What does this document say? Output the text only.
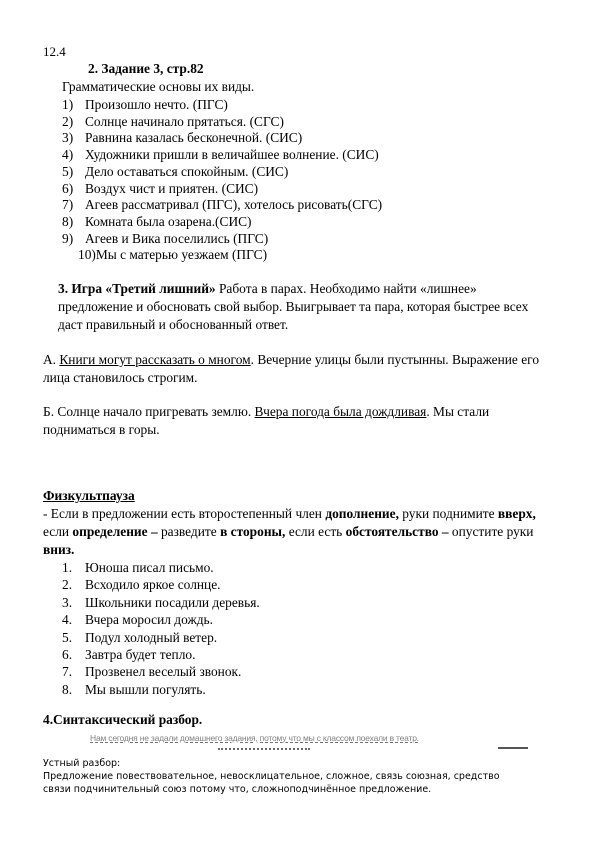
12.4
2. Задание 3, стр.82
Грамматические основы их виды.
1) Произошло нечто. (ПГС)
2) Солнце начинало прятаться. (СГС)
3) Равнина казалась бесконечной. (СИС)
4) Художники пришли в величайшее волнение. (СИС)
5) Дело оставаться спокойным. (СИС)
6) Воздух чист и приятен. (СИС)
7) Агеев рассматривал (ПГС), хотелось рисовать(СГС)
8) Комната была озарена.(СИС)
9) Агеев и Вика поселились (ПГС)
10)Мы с матерью уезжаем (ПГС)
3. Игра «Третий лишний» Работа в парах. Необходимо найти «лишнее»
предложение и обосновать свой выбор. Выигрывает та пара, которая быстрее всех
даст правильный и обоснованный ответ.
А. Книги могут рассказать о многом. Вечерние улицы были пустынны. Выражение его
лица становилось строгим.
Б. Солнце начало пригревать землю. Вчера погода была дождливая. Мы стали
подниматься в горы.
Физкультпауза
- Если в предложении есть второстепенный член дополнение, руки поднимите вверх,
если определение – разведите в стороны, если есть обстоятельство – опустите руки
вниз.
1. Юноша писал письмо.
2. Всходило яркое солнце.
3. Школьники посадили деревья.
4. Вчера моросил дождь.
5. Подул холодный ветер.
6. Завтра будет тепло.
7. Прозвенел веселый звонок.
8. Мы вышли погулять.
4.Синтаксический разбор.
Нам сегодня не задали домашнего задания, потому что мы с классом поехали в театр.
Устный разбор:
Предложение повествовательное, невосклицательное, сложное, связь союзная, средство
связи подчинительный союз потому что, сложноподчинённое предложение.
